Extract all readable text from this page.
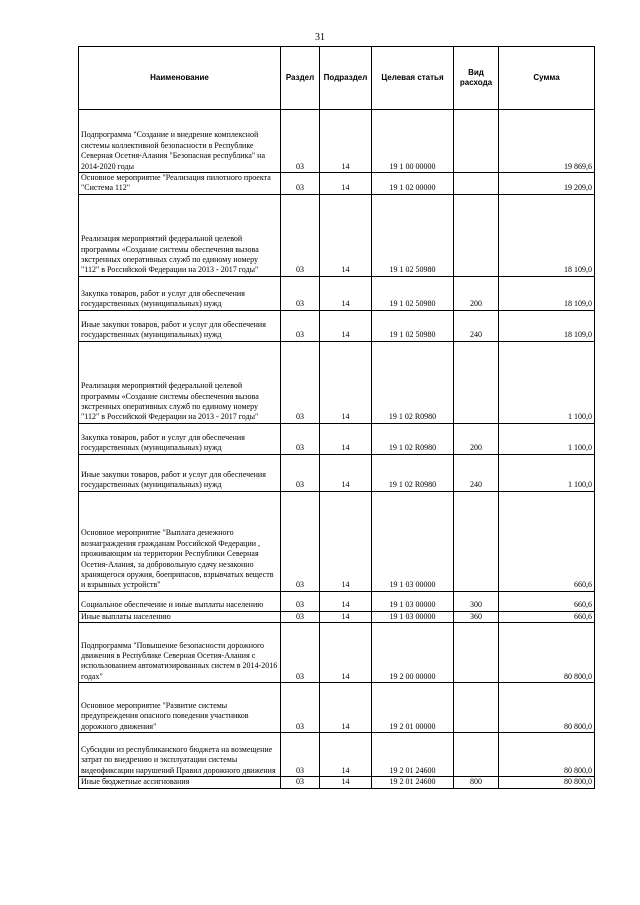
31
Наименование	Раздел	Подраздел	Целевая статья	Вид расхода	Сумма
Подпрограмма "Создание и внедрение комплексной системы коллективной безопасности в Республике Северная Осетия-Алания "Безопасная республика" на 2014-2020 годы	03	14	19 1 00 00000		19 869,6
Основное мероприятие "Реализация пилотного проекта "Система 112"	03	14	19 1 02 00000		19 209,0
Реализация мероприятий федеральной целевой программы «Создание системы обеспечения вызова экстренных оперативных служб по единому номеру "112" в Российской Федерации на 2013 - 2017 годы"	03	14	19 1 02 50980		18 109,0
Закупка товаров, работ и услуг для обеспечения государственных (муниципальных) нужд	03	14	19 1 02 50980	200	18 109,0
Иные закупки товаров, работ и услуг для обеспечения государственных (муниципальных) нужд	03	14	19 1 02 50980	240	18 109,0
Реализация мероприятий федеральной целевой программы «Создание системы обеспечения вызова экстренных оперативных служб по единому номеру "112" в Российской Федерации на 2013 - 2017 годы"	03	14	19 1 02 R0980		1 100,0
Закупка товаров, работ и услуг для обеспечения государственных (муниципальных) нужд	03	14	19 1 02 R0980	200	1 100,0
Иные закупки товаров, работ и услуг для обеспечения государственных (муниципальных) нужд	03	14	19 1 02 R0980	240	1 100,0
Основное мероприятие "Выплата денежного вознаграждения гражданам Российской Федерации , проживающим на территории Республики Северная Осетия-Алания, за добровольную сдачу незаконно хранящегося оружия, боеприпасов, взрывчатых веществ и взрывных устройств"	03	14	19 1 03 00000		660,6
Социальное обеспечение и иные выплаты населению	03	14	19 1 03 00000	300	660,6
Иные выплаты населению	03	14	19 1 03 00000	360	660,6
Подпрограмма "Повышение безопасности дорожного движения в Республике Северная Осетия-Алания с использованием автоматизированных систем в 2014-2016 годах"	03	14	19 2 00 00000		80 800,0
Основное мероприятие "Развитие системы предупреждения опасного поведения участников дорожного движения"	03	14	19 2 01 00000		80 800,0
Субсидии из республиканского бюджета на возмещение затрат по внедрению и эксплуатации системы видеофиксации нарушений Правил дорожного движения	03	14	19 2 01 24600		80 800,0
Иные бюджетные ассигнования	03	14	19 2 01 24600	800	80 800,0
